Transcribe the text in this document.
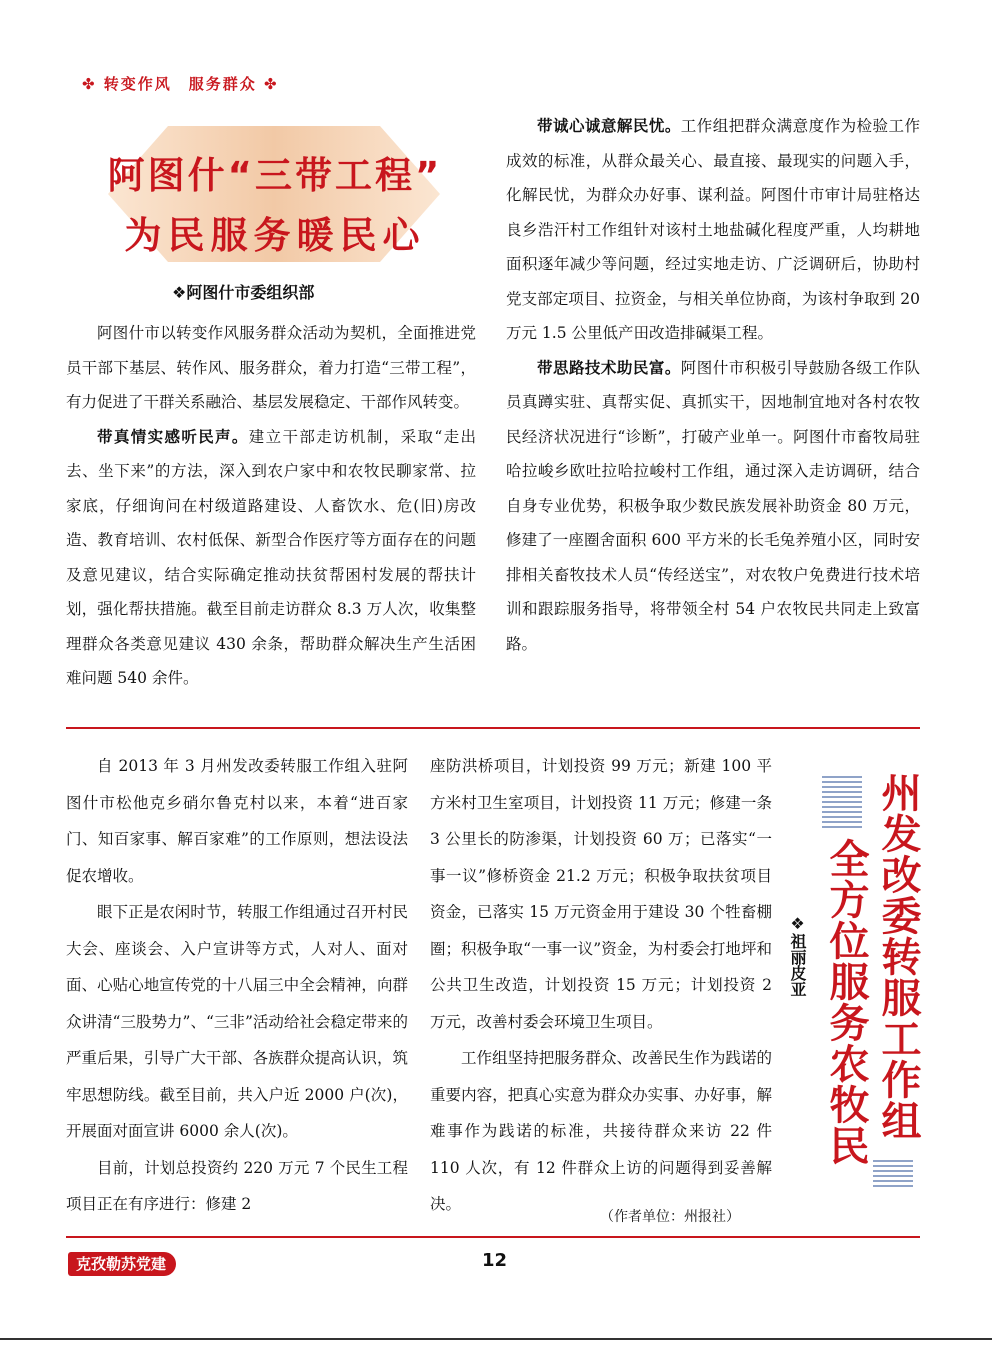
✤ 转变作风　服务群众 ✤

阿图什“三带工程”
为民服务暖民心

❖阿图什市委组织部

阿图什市以转变作风服务群众活动为契机，全面推进党员干部下基层、转作风、服务群众，着力打造“三带工程”，有力促进了干群关系融洽、基层发展稳定、干部作风转变。

带真情实感听民声。建立干部走访机制，采取“走出去、坐下来”的方法，深入到农户家中和农牧民聊家常、拉家底，仔细询问在村级道路建设、人畜饮水、危(旧)房改造、教育培训、农村低保、新型合作医疗等方面存在的问题及意见建议，结合实际确定推动扶贫帮困村发展的帮扶计划，强化帮扶措施。截至目前走访群众 8.3 万人次，收集整理群众各类意见建议 430 余条，帮助群众解决生产生活困难问题 540 余件。

带诚心诚意解民忧。工作组把群众满意度作为检验工作成效的标准，从群众最关心、最直接、最现实的问题入手，化解民忧，为群众办好事、谋利益。阿图什市审计局驻格达良乡浩汗村工作组针对该村土地盐碱化程度严重，人均耕地面积逐年减少等问题，经过实地走访、广泛调研后，协助村党支部定项目、拉资金，与相关单位协商，为该村争取到 20 万元 1.5 公里低产田改造排碱渠工程。

带思路技术助民富。阿图什市积极引导鼓励各级工作队员真蹲实驻、真帮实促、真抓实干，因地制宜地对各村农牧民经济状况进行“诊断”，打破产业单一。阿图什市畜牧局驻哈拉峻乡欧吐拉哈拉峻村工作组，通过深入走访调研，结合自身专业优势，积极争取少数民族发展补助资金 80 万元，修建了一座圈舍面积 600 平方米的长毛兔养殖小区，同时安排相关畜牧技术人员“传经送宝”，对农牧户免费进行技术培训和跟踪服务指导，将带领全村 54 户农牧民共同走上致富路。

自 2013 年 3 月州发改委转服工作组入驻阿图什市松他克乡硝尔鲁克村以来，本着“进百家门、知百家事、解百家难”的工作原则，想法设法促农增收。

眼下正是农闲时节，转服工作组通过召开村民大会、座谈会、入户宣讲等方式，人对人、面对面、心贴心地宣传党的十八届三中全会精神，向群众讲清“三股势力”、“三非”活动给社会稳定带来的严重后果，引导广大干部、各族群众提高认识，筑牢思想防线。截至目前，共入户近 2000 户(次)，开展面对面宣讲 6000 余人(次)。

目前，计划总投资约 220 万元 7 个民生工程项目正在有序进行：修建 2

座防洪桥项目，计划投资 99 万元；新建 100 平方米村卫生室项目，计划投资 11 万元；修建一条 3 公里长的防渗渠，计划投资 60 万；已落实“一事一议”修桥资金 21.2 万元；积极争取扶贫项目资金，已落实 15 万元资金用于建设 30 个牲畜棚圈；积极争取“一事一议”资金，为村委会打地坪和公共卫生改造，计划投资 15 万元；计划投资 2 万元，改善村委会环境卫生项目。

工作组坚持把服务群众、改善民生作为践诺的重要内容，把真心实意为群众办实事、办好事，解难事作为践诺的标准，共接待群众来访 22 件 110 人次，有 12 件群众上访的问题得到妥善解决。

（作者单位：州报社）

州发改委转服工作组
全方位服务农牧民

❖祖丽皮亚

克孜勒苏党建	12
